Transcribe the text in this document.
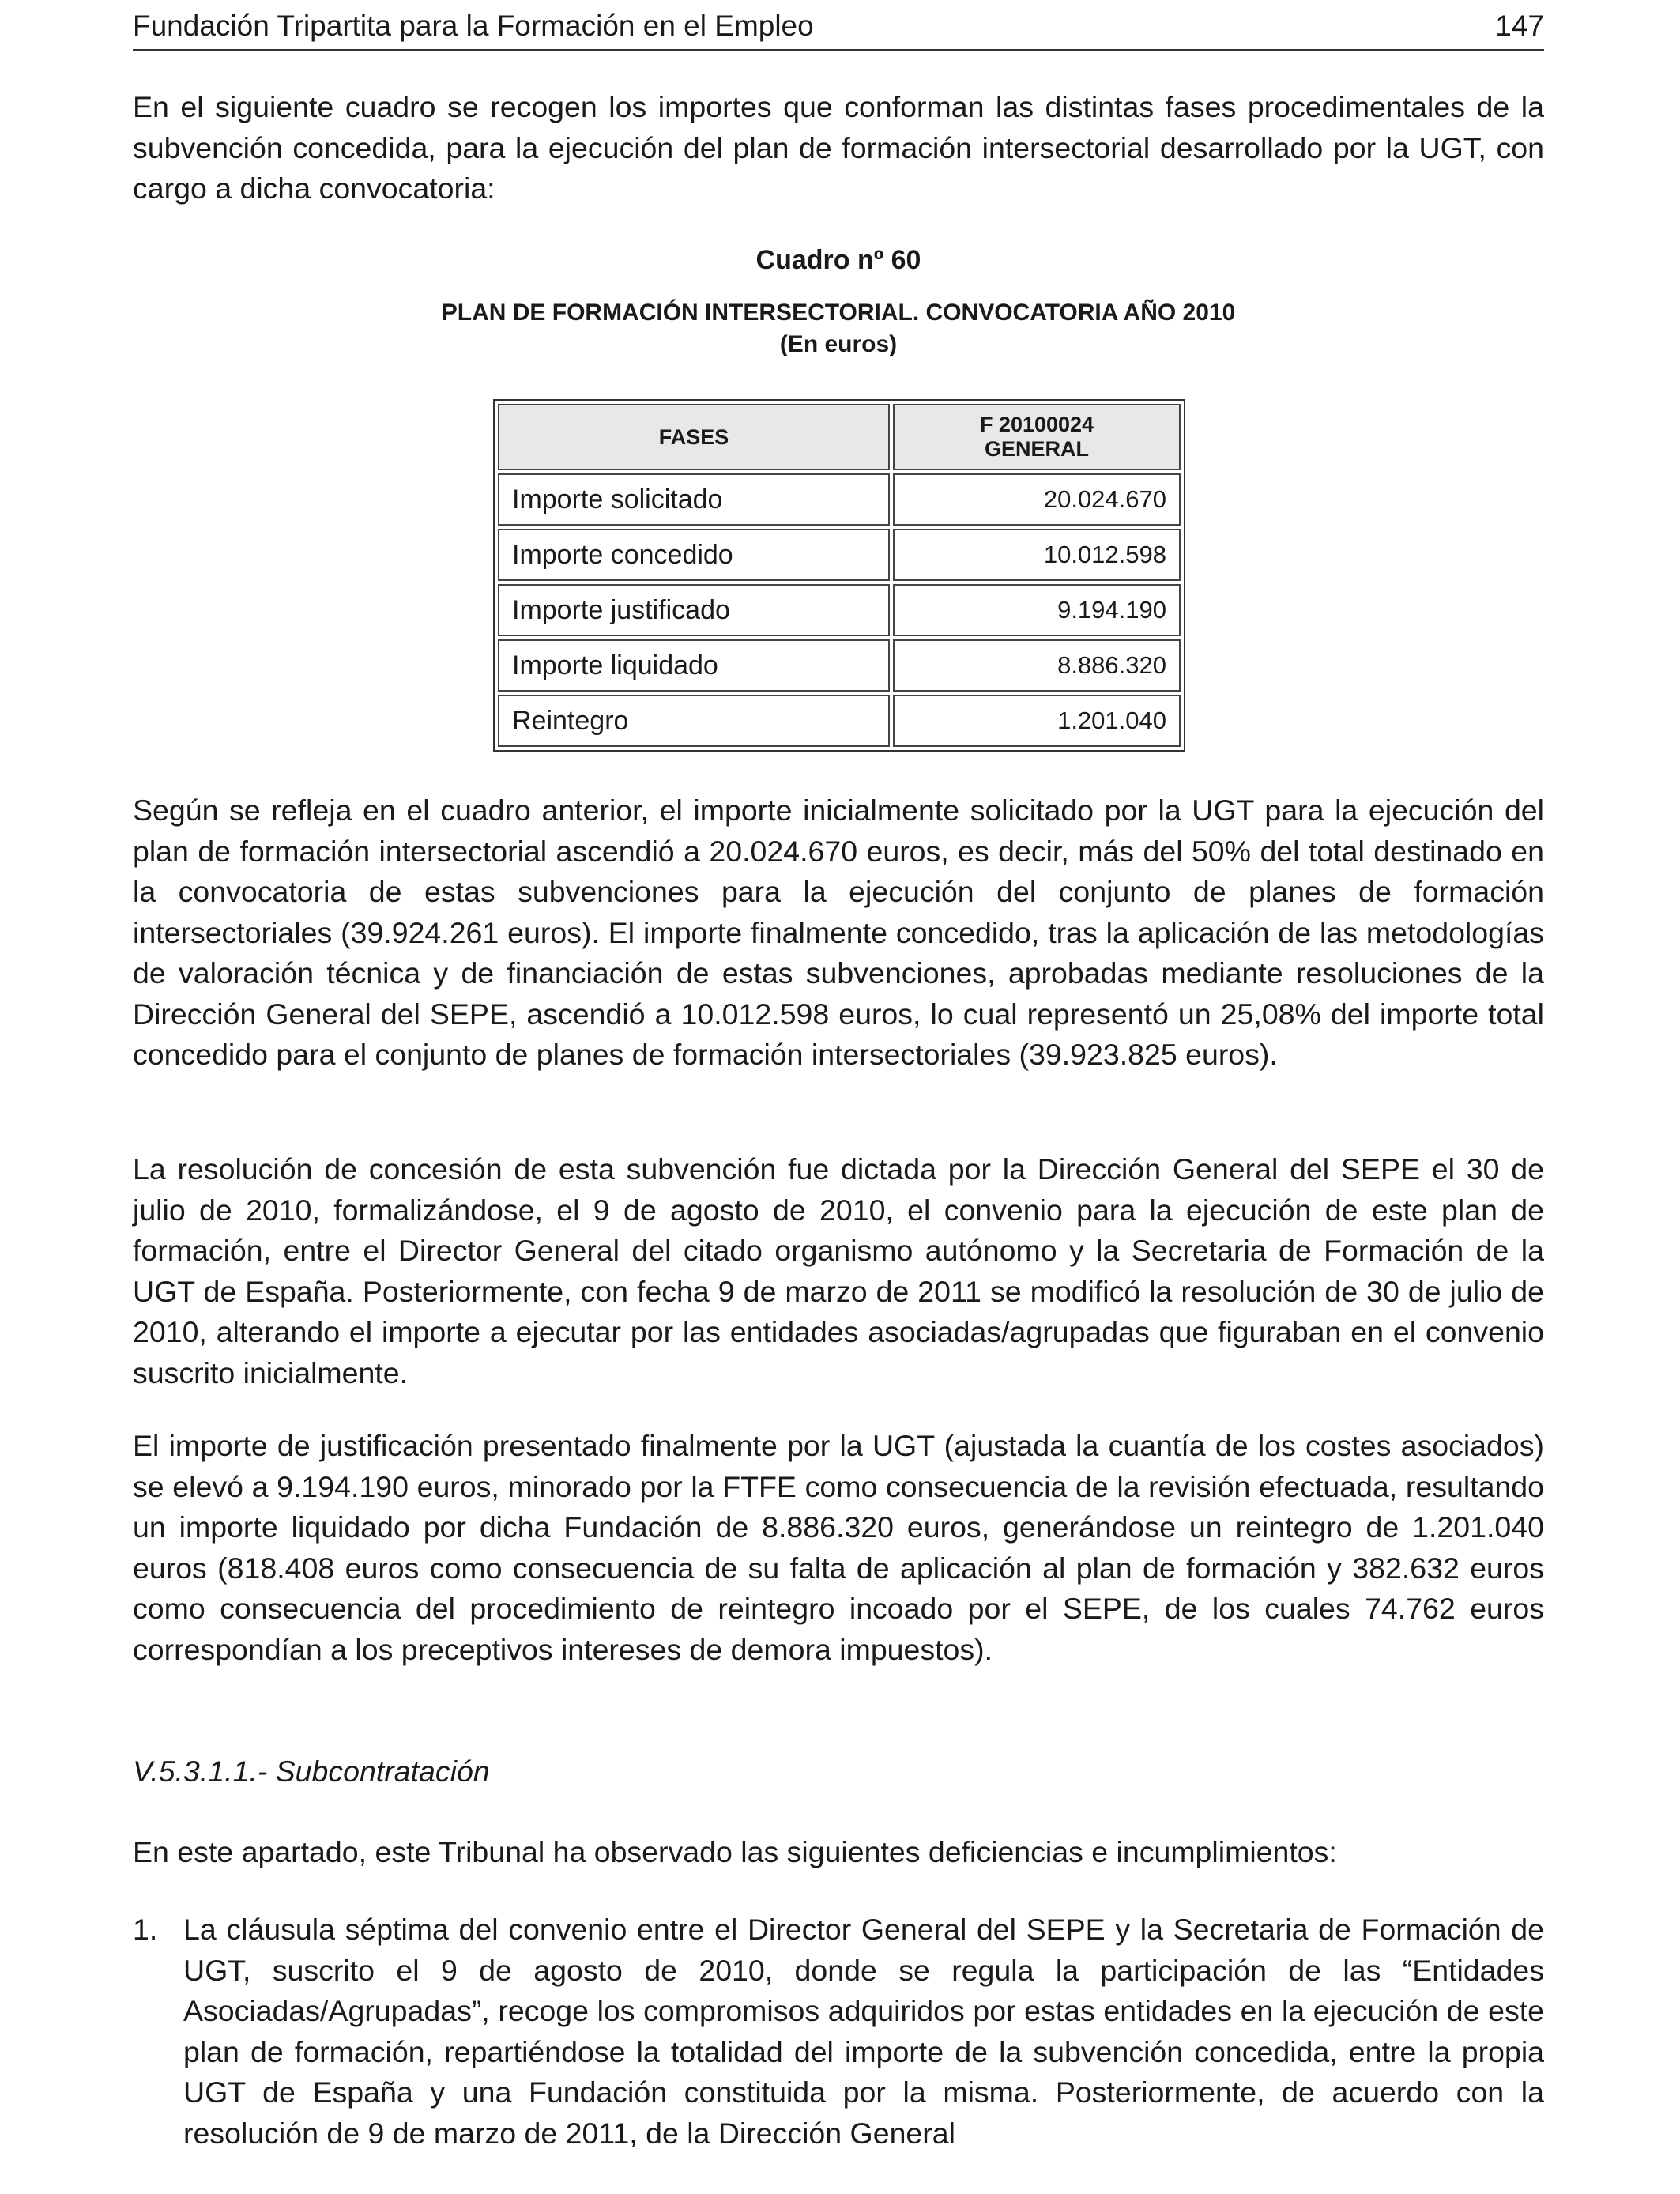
Fundación Tripartita para la Formación en el Empleo	147

En el siguiente cuadro se recogen los importes que conforman las distintas fases procedimentales de la subvención concedida, para la ejecución del plan de formación intersectorial desarrollado por la UGT, con cargo a dicha convocatoria:

Cuadro nº 60

PLAN DE FORMACIÓN INTERSECTORIAL. CONVOCATORIA AÑO 2010
(En euros)
FASES	F 20100024
GENERAL

Importe solicitado	20.024.670
Importe concedido	10.012.598
Importe justificado	9.194.190
Importe liquidado	8.886.320
Reintegro	1.201.040

Según se refleja en el cuadro anterior, el importe inicialmente solicitado por la UGT para la ejecución del plan de formación intersectorial ascendió a 20.024.670 euros, es decir, más del 50% del total destinado en la convocatoria de estas subvenciones para la ejecución del conjunto de planes de formación intersectoriales (39.924.261 euros). El importe finalmente concedido, tras la aplicación de las metodologías de valoración técnica y de financiación de estas subvenciones, aprobadas mediante resoluciones de la Dirección General del SEPE, ascendió a 10.012.598 euros, lo cual representó un 25,08% del importe total concedido para el conjunto de planes de formación intersectoriales (39.923.825 euros).

La resolución de concesión de esta subvención fue dictada por la Dirección General del SEPE el 30 de julio de 2010, formalizándose, el 9 de agosto de 2010, el convenio para la ejecución de este plan de formación, entre el Director General del citado organismo autónomo y la Secretaria de Formación de la UGT de España. Posteriormente, con fecha 9 de marzo de 2011 se modificó la resolución de 30 de julio de 2010, alterando el importe a ejecutar por las entidades asociadas/agrupadas que figuraban en el convenio suscrito inicialmente.

El importe de justificación presentado finalmente por la UGT (ajustada la cuantía de los costes asociados) se elevó a 9.194.190 euros, minorado por la FTFE como consecuencia de la revisión efectuada, resultando un importe liquidado por dicha Fundación de 8.886.320 euros, generándose un reintegro de 1.201.040 euros (818.408 euros como consecuencia de su falta de aplicación al plan de formación y 382.632 euros como consecuencia del procedimiento de reintegro incoado por el SEPE, de los cuales 74.762 euros correspondían a los preceptivos intereses de demora impuestos).

V.5.3.1.1.- Subcontratación

En este apartado, este Tribunal ha observado las siguientes deficiencias e incumplimientos:

1. La cláusula séptima del convenio entre el Director General del SEPE y la Secretaria de Formación de UGT, suscrito el 9 de agosto de 2010, donde se regula la participación de las “Entidades Asociadas/Agrupadas”, recoge los compromisos adquiridos por estas entidades en la ejecución de este plan de formación, repartiéndose la totalidad del importe de la subvención concedida, entre la propia UGT de España y una Fundación constituida por la misma. Posteriormente, de acuerdo con la resolución de 9 de marzo de 2011, de la Dirección General
